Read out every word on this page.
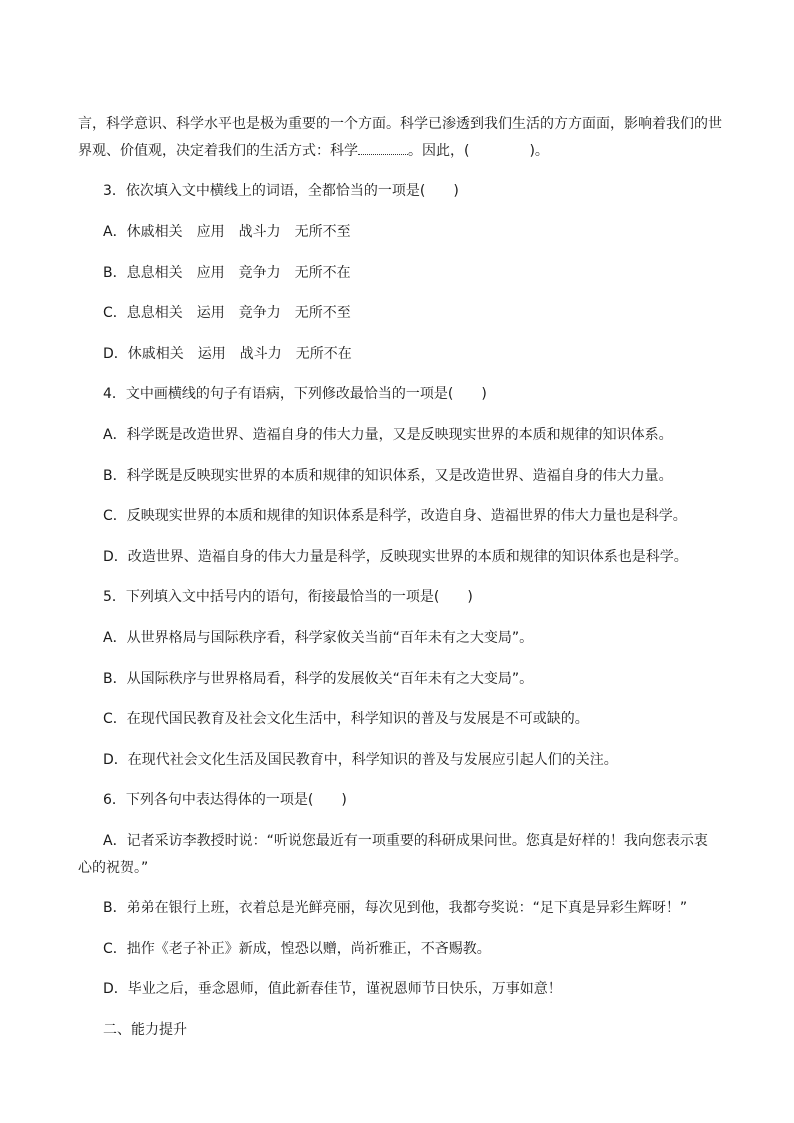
言，科学意识、科学水平也是极为重要的一个方面。科学已渗透到我们生活的方方面面，影响着我们的世
界观、价值观，决定着我们的生活方式：科学	。因此，(	)。
3．依次填入文中横线上的词语，全都恰当的一项是(　　)
A．休戚相关　应用　战斗力　无所不至
B．息息相关　应用　竞争力　无所不在
C．息息相关　运用　竞争力　无所不至
D．休戚相关　运用　战斗力　无所不在
4．文中画横线的句子有语病，下列修改最恰当的一项是(　　)
A．科学既是改造世界、造福自身的伟大力量，又是反映现实世界的本质和规律的知识体系。
B．科学既是反映现实世界的本质和规律的知识体系，又是改造世界、造福自身的伟大力量。
C．反映现实世界的本质和规律的知识体系是科学，改造自身、造福世界的伟大力量也是科学。
D．改造世界、造福自身的伟大力量是科学，反映现实世界的本质和规律的知识体系也是科学。
5．下列填入文中括号内的语句，衔接最恰当的一项是(　　)
A．从世界格局与国际秩序看，科学家攸关当前“百年未有之大变局”。
B．从国际秩序与世界格局看，科学的发展攸关“百年未有之大变局”。
C．在现代国民教育及社会文化生活中，科学知识的普及与发展是不可或缺的。
D．在现代社会文化生活及国民教育中，科学知识的普及与发展应引起人们的关注。
6．下列各句中表达得体的一项是(　　)
A．记者采访李教授时说：“听说您最近有一项重要的科研成果问世。您真是好样的！我向您表示衷
心的祝贺。”
B．弟弟在银行上班，衣着总是光鲜亮丽，每次见到他，我都夸奖说：“足下真是异彩生辉呀！”
C．拙作《老子补正》新成，惶恐以赠，尚祈雅正，不吝赐教。
D．毕业之后，垂念恩师，值此新春佳节，谨祝恩师节日快乐，万事如意！
二、能力提升
